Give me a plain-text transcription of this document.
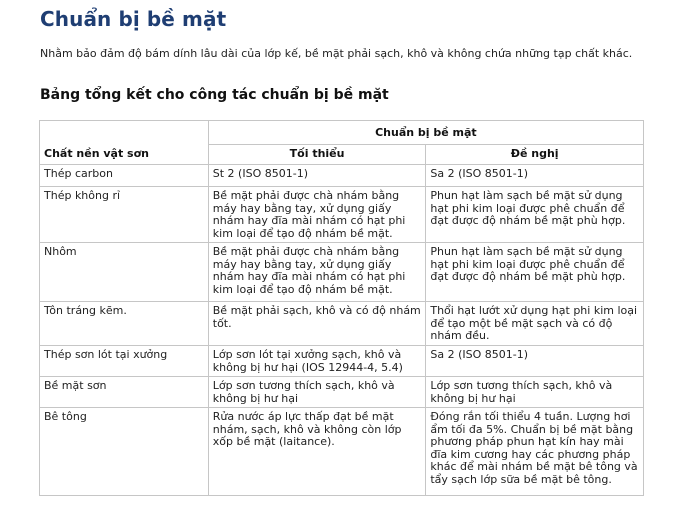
Chuẩn bị bề mặt

Nhằm bảo đảm độ bám dính lâu dài của lớp kế, bề mặt phải sạch, khô và không chứa những tạp chất khác.

Bảng tổng kết cho công tác chuẩn bị bề mặt
	Chuẩn bị bề mặt	
Chất nền vật sơn	Tối thiểu	Đề nghị
Thép carbon	St 2 (ISO 8501-1)	Sa 2 (ISO 8501-1)
Thép không rỉ	Bề mặt phải được chà nhám bằng máy hay bằng tay, xử dụng giấy nhám hay đĩa mài nhám có hạt phi kim loại để tạo độ nhám bề mặt.	Phun hạt làm sạch bề mặt sử dụng hạt phi kim loại được phê chuẩn để đạt được độ nhám bề mặt phù hợp.
Nhôm	Bề mặt phải được chà nhám bằng máy hay bằng tay, xử dụng giấy nhám hay đĩa mài nhám có hạt phi kim loại để tạo độ nhám bề mặt.	Phun hạt làm sạch bề mặt sử dụng hạt phi kim loại được phê chuẩn để đạt được độ nhám bề mặt phù hợp.
Tôn tráng kẽm.	Bề mặt phải sạch, khô và có độ nhám tốt.	Thổi hạt lướt xử dụng hạt phi kim loại để tạo một bề mặt sạch và có độ nhám đều.
Thép sơn lót tại xưởng	Lớp sơn lót tại xưởng sạch, khô và không bị hư hại (IOS 12944-4, 5.4)	Sa 2 (ISO 8501-1)
Bề mặt sơn	Lớp sơn tương thích sạch, khô và không bị hư hại	Lớp sơn tương thích sạch, khô và không bị hư hại
Bê tông	Rửa nước áp lực thấp đạt bề mặt nhám, sạch, khô và không còn lớp xốp bề mặt (laitance).	Đóng rắn tối thiểu 4 tuần. Lượng hơi ẩm tối đa 5%. Chuẩn bị bề mặt bằng phương pháp phun hạt kín hay mài đĩa kim cương hay các phương pháp khác để mài nhám bề mặt bê tông và tẩy sạch lớp sữa bề mặt bê tông.
